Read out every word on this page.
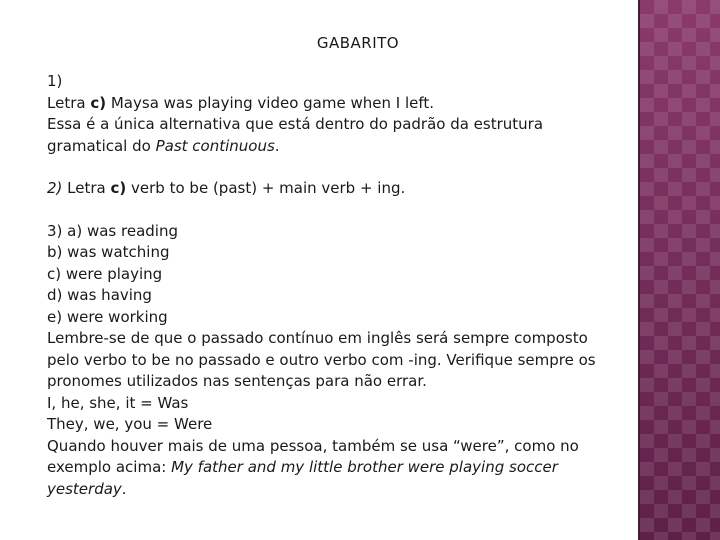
GABARITO
1)
Letra c) Maysa was playing video game when I left.
Essa é a única alternativa que está dentro do padrão da estrutura
gramatical do Past continuous.
2) Letra c) verb to be (past) + main verb + ing.
3) a) was reading
b) was watching
c) were playing
d) was having
e) were working
Lembre-se de que o passado contínuo em inglês será sempre composto
pelo verbo to be no passado e outro verbo com -ing. Verifique sempre os
pronomes utilizados nas sentenças para não errar.
I, he, she, it = Was
They, we, you = Were
Quando houver mais de uma pessoa, também se usa “were”, como no
exemplo acima: My father and my little brother were playing soccer
yesterday.
